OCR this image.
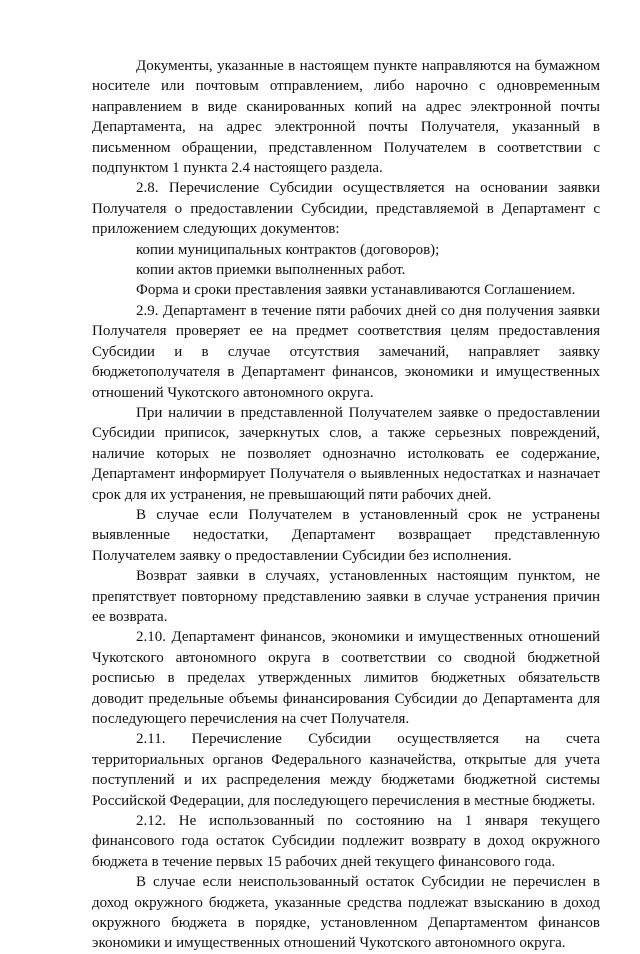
Документы, указанные в настоящем пункте направляются на бумажном носителе или почтовым отправлением, либо нарочно с одновременным направлением в виде сканированных копий на адрес электронной почты Департамента, на адрес электронной почты Получателя, указанный в письменном обращении, представленном Получателем в соответствии с подпунктом 1 пункта 2.4 настоящего раздела.

2.8. Перечисление Субсидии осуществляется на основании заявки Получателя о предоставлении Субсидии, представляемой в Департамент с приложением следующих документов:

копии муниципальных контрактов (договоров);

копии актов приемки выполненных работ.

Форма и сроки преставления заявки устанавливаются Соглашением.

2.9. Департамент в течение пяти рабочих дней со дня получения заявки Получателя проверяет ее на предмет соответствия целям предоставления Субсидии и в случае отсутствия замечаний, направляет заявку бюджетополучателя в Департамент финансов, экономики и имущественных отношений Чукотского автономного округа.

При наличии в представленной Получателем заявке о предоставлении Субсидии приписок, зачеркнутых слов, а также серьезных повреждений, наличие которых не позволяет однозначно истолковать ее содержание, Департамент информирует Получателя о выявленных недостатках и назначает срок для их устранения, не превышающий пяти рабочих дней.

В случае если Получателем в установленный срок не устранены выявленные недостатки, Департамент возвращает представленную Получателем заявку о предоставлении Субсидии без исполнения.

Возврат заявки в случаях, установленных настоящим пунктом, не препятствует повторному представлению заявки в случае устранения причин ее возврата.

2.10. Департамент финансов, экономики и имущественных отношений Чукотского автономного округа в соответствии со сводной бюджетной росписью в пределах утвержденных лимитов бюджетных обязательств доводит предельные объемы финансирования Субсидии до Департамента для последующего перечисления на счет Получателя.

2.11. Перечисление Субсидии осуществляется на счета территориальных органов Федерального казначейства, открытые для учета поступлений и их распределения между бюджетами бюджетной системы Российской Федерации, для последующего перечисления в местные бюджеты.

2.12. Не использованный по состоянию на 1 января текущего финансового года остаток Субсидии подлежит возврату в доход окружного бюджета в течение первых 15 рабочих дней текущего финансового года.

В случае если неиспользованный остаток Субсидии не перечислен в доход окружного бюджета, указанные средства подлежат взысканию в доход окружного бюджета в порядке, установленном Департаментом финансов экономики и имущественных отношений Чукотского автономного округа.
